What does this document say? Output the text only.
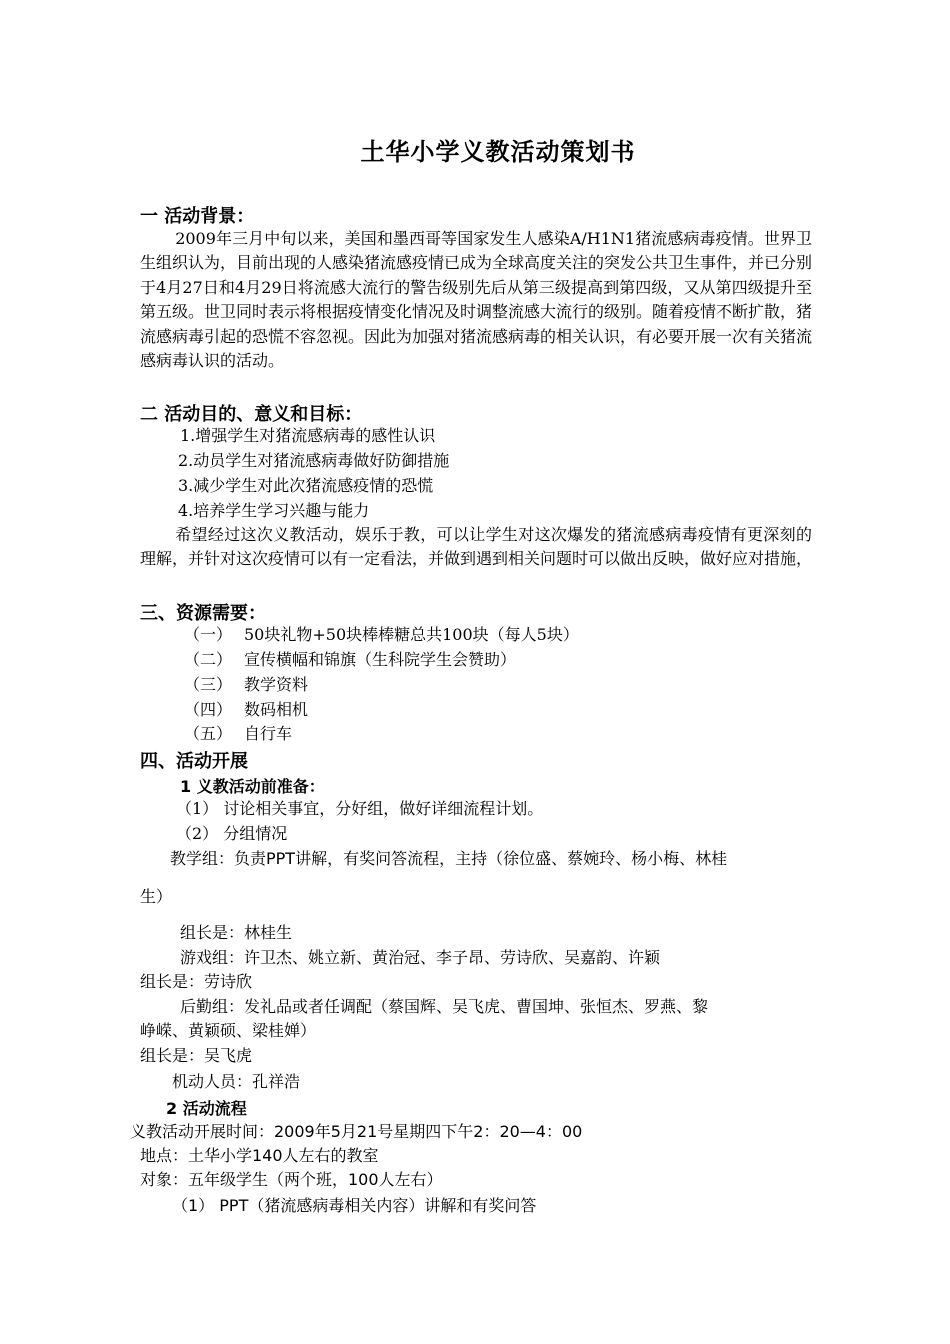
土华小学义教活动策划书
一 活动背景：

2009年三月中旬以来，美国和墨西哥等国家发生人感染A/H1N1猪流感病毒疫情。世界卫生组织认为，目前出现的人感染猪流感疫情已成为全球高度关注的突发公共卫生事件，并已分别于4月27日和4月29日将流感大流行的警告级别先后从第三级提高到第四级，又从第四级提升至第五级。世卫同时表示将根据疫情变化情况及时调整流感大流行的级别。随着疫情不断扩散，猪流感病毒引起的恐慌不容忽视。因此为加强对猪流感病毒的相关认识，有必要开展一次有关猪流感病毒认识的活动。

二 活动目的、意义和目标：
1.增强学生对猪流感病毒的感性认识
2.动员学生对猪流感病毒做好防御措施
3.减少学生对此次猪流感疫情的恐慌
4.培养学生学习兴趣与能力

希望经过这次义教活动，娱乐于教，可以让学生对这次爆发的猪流感病毒疫情有更深刻的理解，并针对这次疫情可以有一定看法，并做到遇到相关问题时可以做出反映，做好应对措施，

三、资源需要：
（一） 50块礼物+50块棒棒糖总共100块（每人5块）
（二） 宣传横幅和锦旗（生科院学生会赞助）
（三） 教学资料
（四） 数码相机
（五） 自行车
四、活动开展
1 义教活动前准备：
（1） 讨论相关事宜，分好组，做好详细流程计划。
（2） 分组情况
教学组：负责PPT讲解，有奖问答流程，主持（徐位盛、蔡婉玲、杨小梅、林桂
生）
组长是：林桂生
游戏组：许卫杰、姚立新、黄治冠、李子昂、劳诗欣、吴嘉韵、许颖
组长是：劳诗欣
后勤组：发礼品或者任调配（蔡国辉、吴飞虎、曹国坤、张恒杰、罗燕、黎
峥嵘、黄颖硕、梁桂婵）
组长是：吴飞虎
机动人员：孔祥浩
2 活动流程
义教活动开展时间：2009年5月21号星期四下午2：20—4：00
地点：土华小学140人左右的教室
对象：五年级学生（两个班，100人左右）
（1） PPT（猪流感病毒相关内容）讲解和有奖问答
